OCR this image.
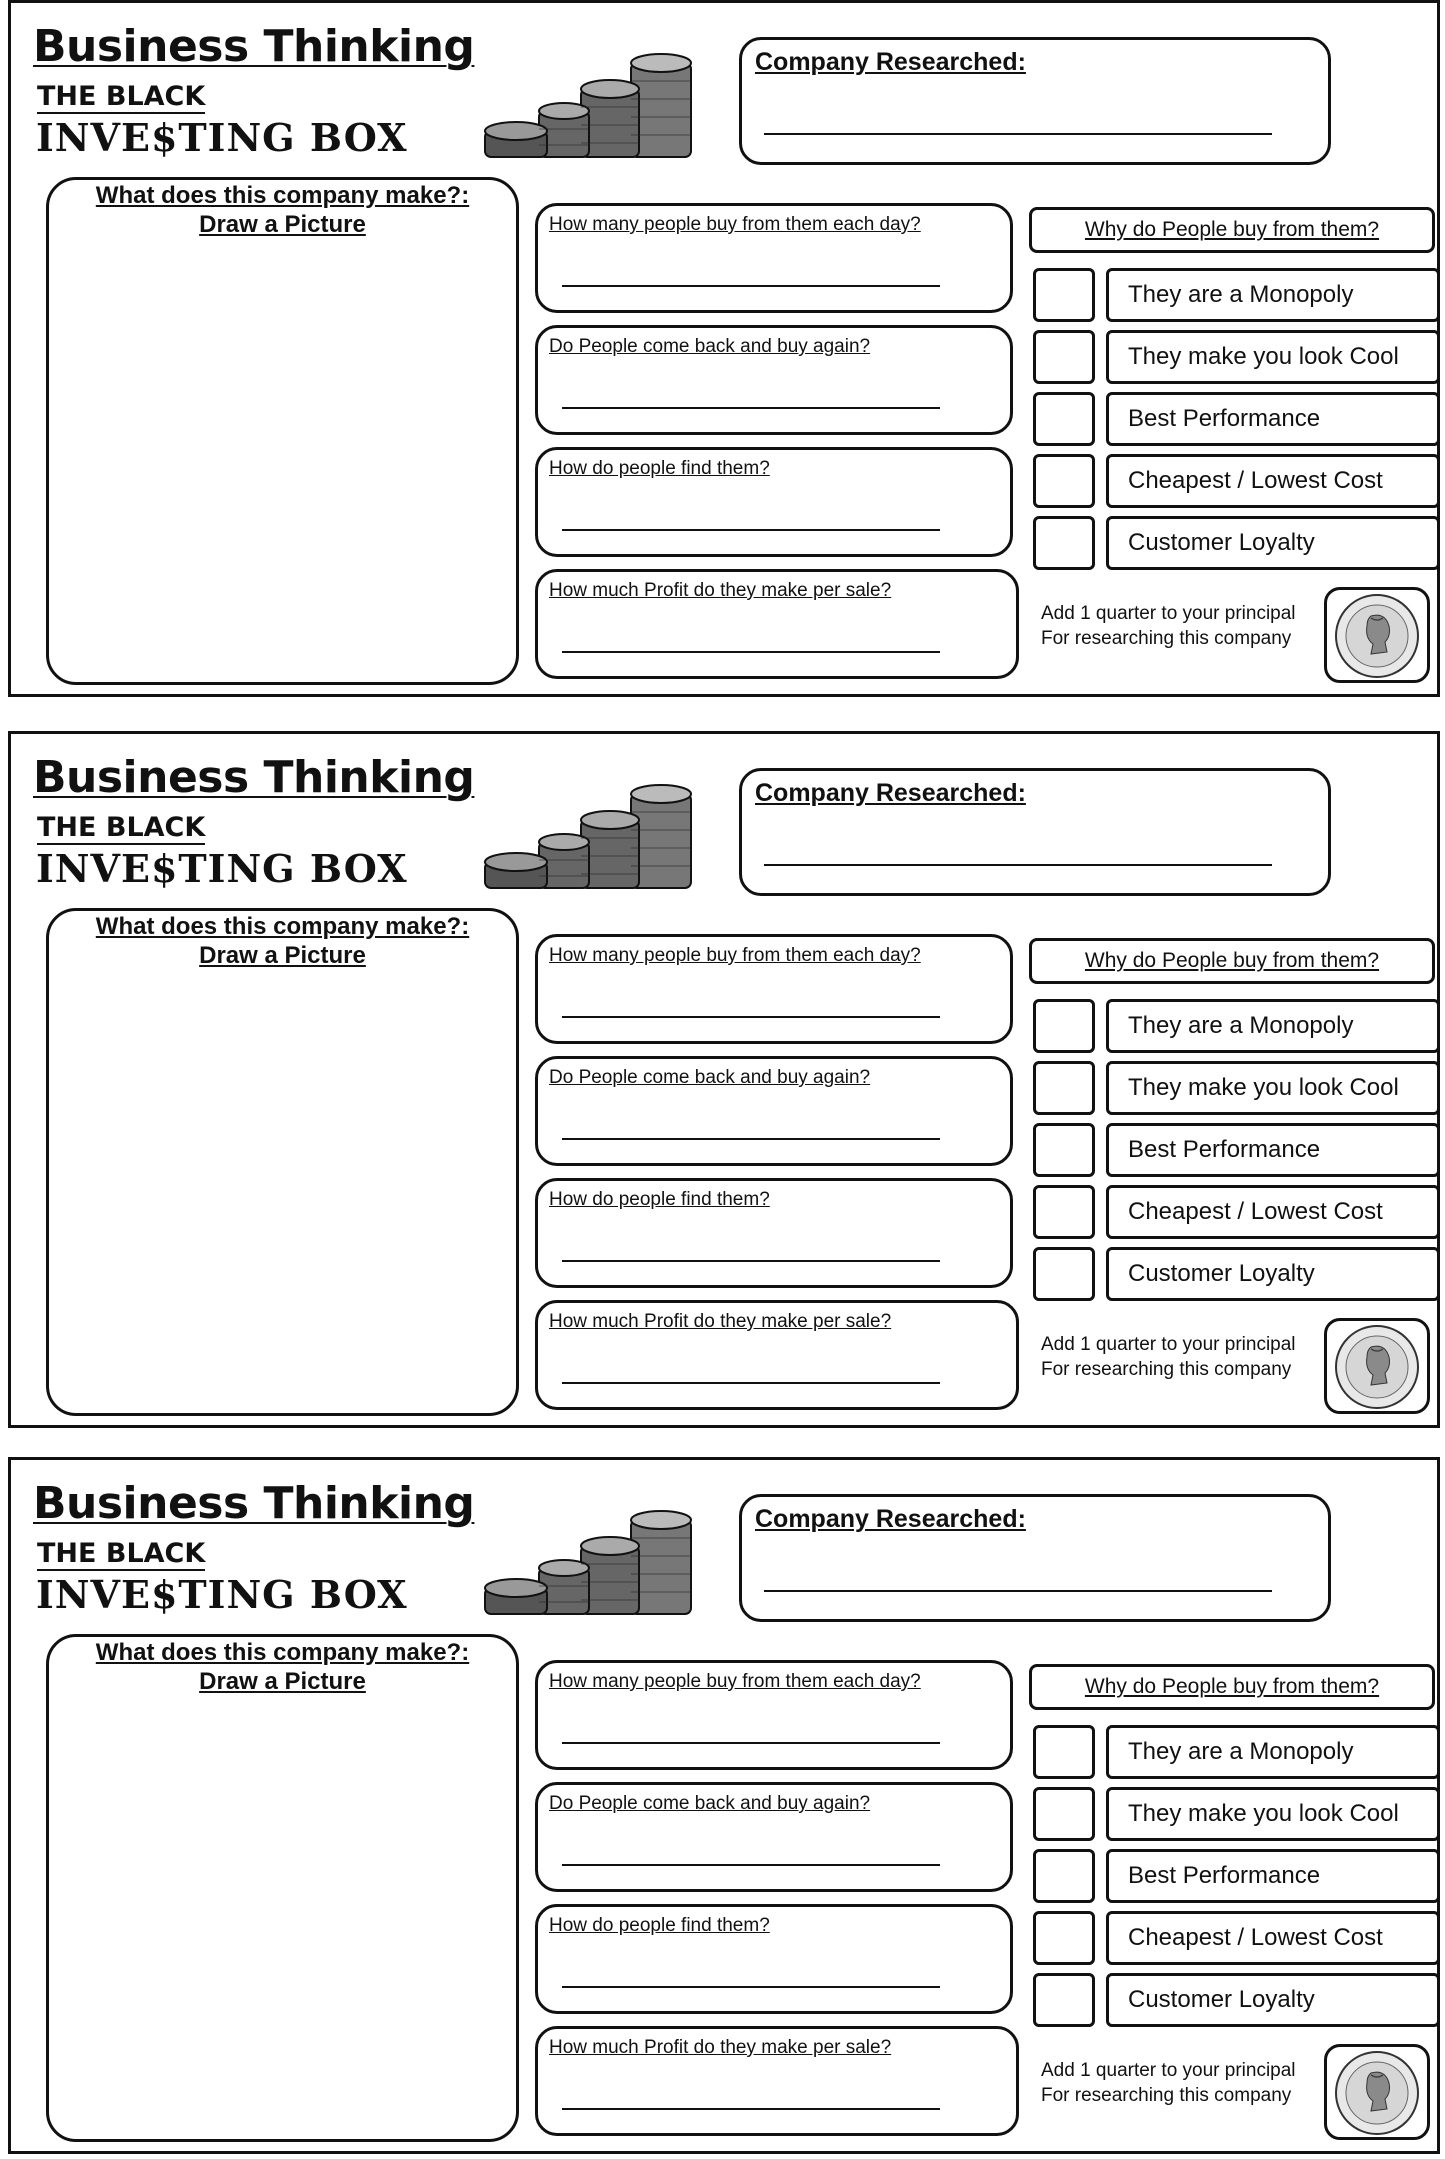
Business Thinking
THE BLACK
INVE$TING BOX
Company Researched:
What does this company make?:
Draw a Picture	How many people buy from them each day?
Do People come back and buy again?
How do people find them?
How much Profit do they make per sale?
Why do People buy from them?
They are a Monopoly
They make you look Cool
Best Performance
Cheapest / Lowest Cost
Customer Loyalty
Add 1 quarter to your principal
For researching this company
Business Thinking
THE BLACK
INVE$TING BOX
Company Researched:
What does this company make?:
Draw a Picture	How many people buy from them each day?
Do People come back and buy again?
How do people find them?
How much Profit do they make per sale?
Why do People buy from them?
They are a Monopoly
They make you look Cool
Best Performance
Cheapest / Lowest Cost
Customer Loyalty
Add 1 quarter to your principal
For researching this company
Business Thinking
THE BLACK
INVE$TING BOX
Company Researched:
What does this company make?:
Draw a Picture	How many people buy from them each day?
Do People come back and buy again?
How do people find them?
How much Profit do they make per sale?
Why do People buy from them?
They are a Monopoly
They make you look Cool
Best Performance
Cheapest / Lowest Cost
Customer Loyalty
Add 1 quarter to your principal
For researching this company
